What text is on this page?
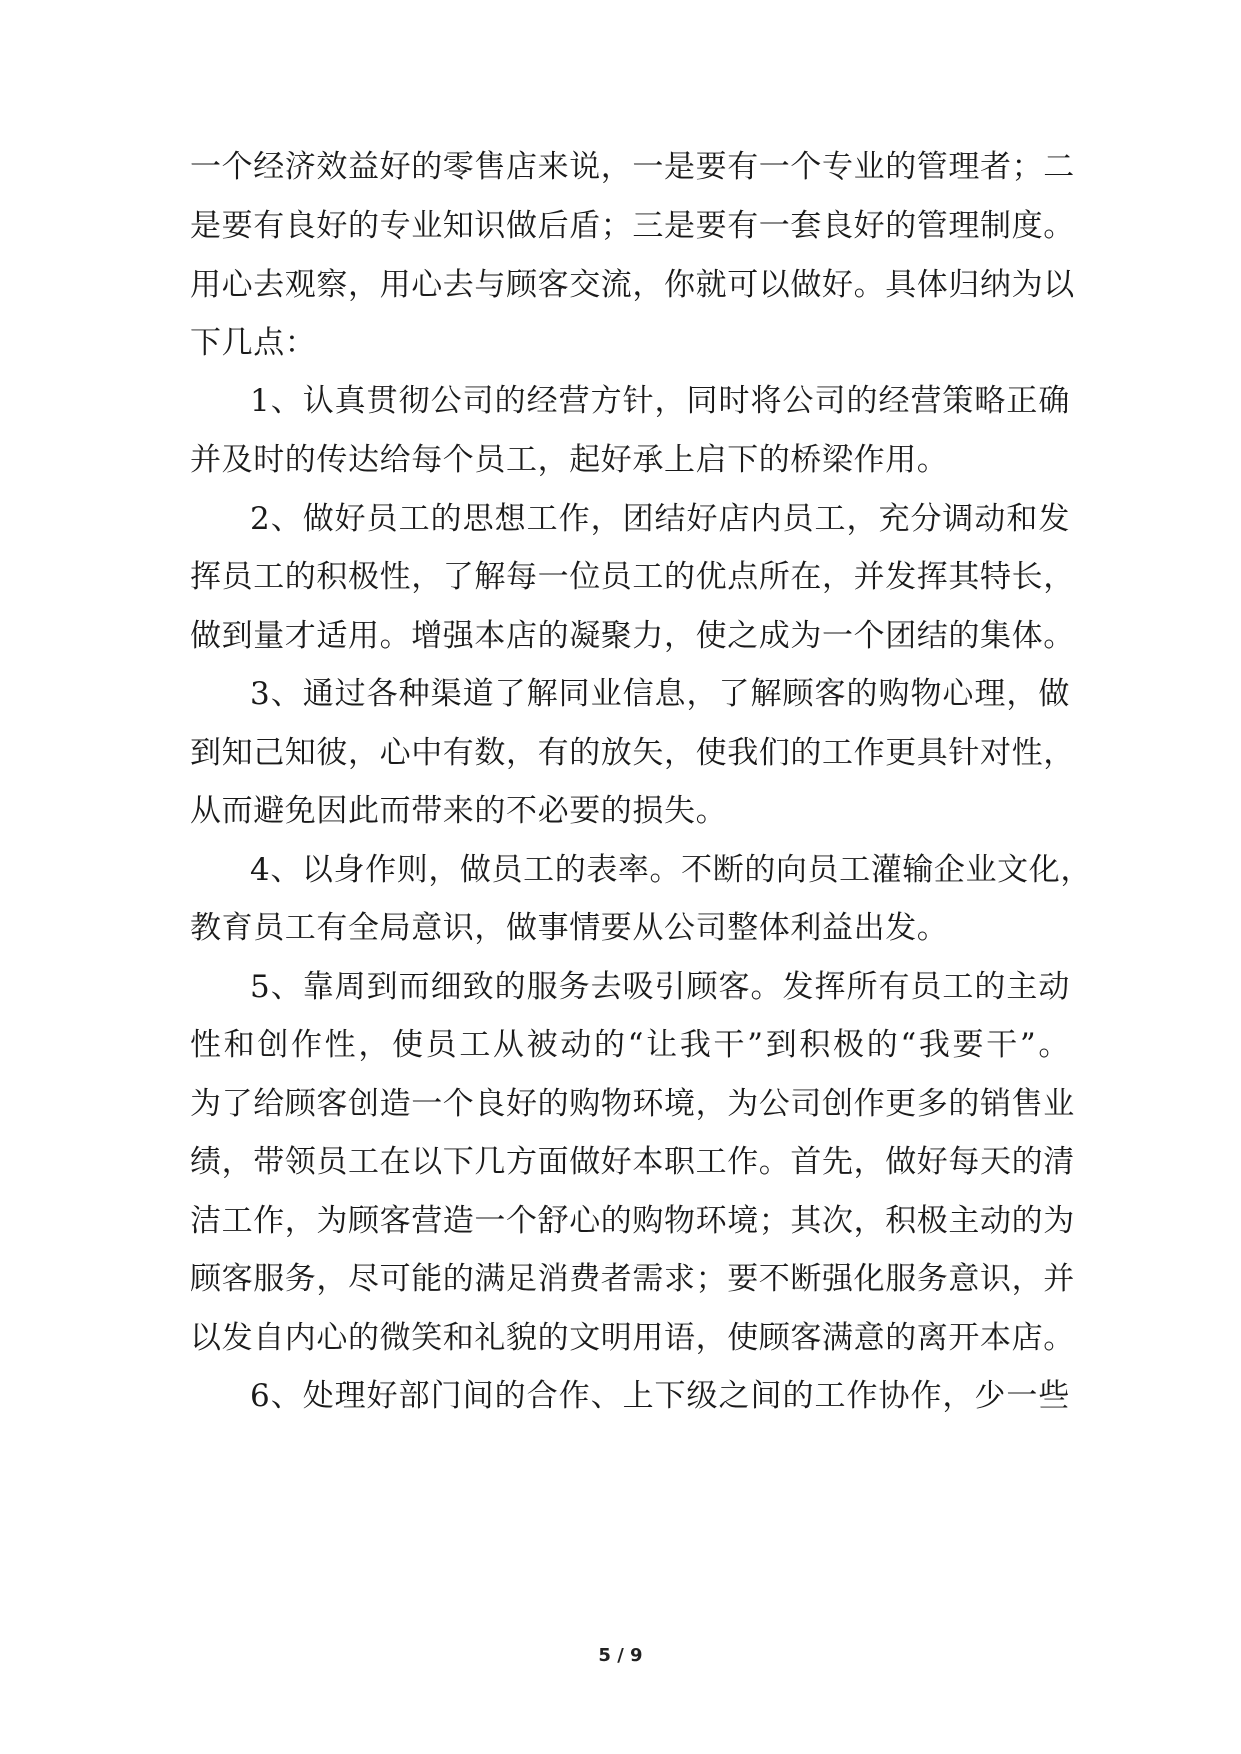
一个经济效益好的零售店来说，一是要有一个专业的管理者；二
是要有良好的专业知识做后盾；三是要有一套良好的管理制度。
用心去观察，用心去与顾客交流，你就可以做好。具体归纳为以
下几点：
1、认真贯彻公司的经营方针，同时将公司的经营策略正确
并及时的传达给每个员工，起好承上启下的桥梁作用。
2、做好员工的思想工作，团结好店内员工，充分调动和发
挥员工的积极性，了解每一位员工的优点所在，并发挥其特长，
做到量才适用。增强本店的凝聚力，使之成为一个团结的集体。
3、通过各种渠道了解同业信息，了解顾客的购物心理，做
到知己知彼，心中有数，有的放矢，使我们的工作更具针对性，
从而避免因此而带来的不必要的损失。
4、以身作则，做员工的表率。不断的向员工灌输企业文化，
教育员工有全局意识，做事情要从公司整体利益出发。
5、靠周到而细致的服务去吸引顾客。发挥所有员工的主动
性和创作性，使员工从被动的“让我干”到积极的“我要干”。
为了给顾客创造一个良好的购物环境，为公司创作更多的销售业
绩，带领员工在以下几方面做好本职工作。首先，做好每天的清
洁工作，为顾客营造一个舒心的购物环境；其次，积极主动的为
顾客服务，尽可能的满足消费者需求；要不断强化服务意识，并
以发自内心的微笑和礼貌的文明用语，使顾客满意的离开本店。
6、处理好部门间的合作、上下级之间的工作协作，少一些
5 / 9
